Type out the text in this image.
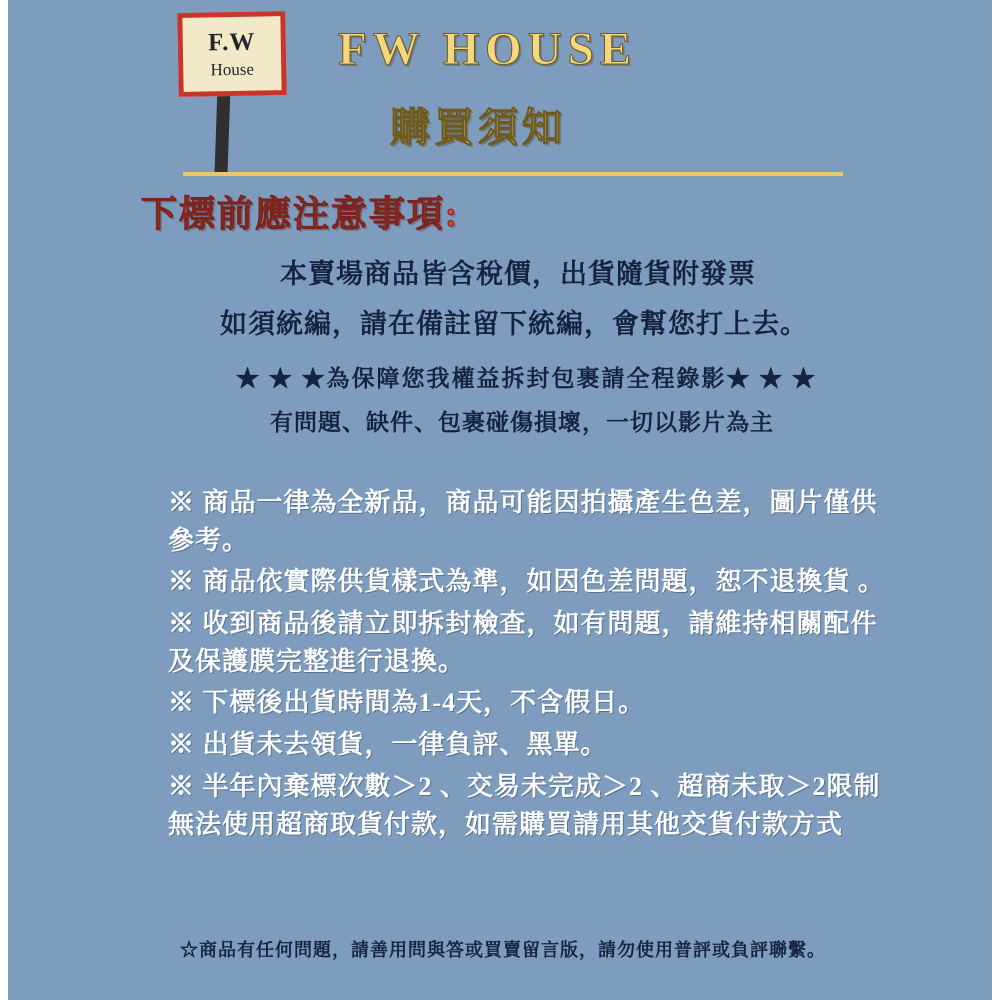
F.W
House FW HOUSE
購買須知
下標前應注意事項:
本賣場商品皆含稅價，出貨隨貨附發票
如須統編，請在備註留下統編，會幫您打上去。
★ ★ ★為保障您我權益拆封包裹請全程錄影★ ★ ★
有問題、缺件、包裹碰傷損壞，一切以影片為主
※ 商品一律為全新品，商品可能因拍攝產生色差，圖片僅供參考。
※ 商品依實際供貨樣式為準，如因色差問題，恕不退換貨 。
※ 收到商品後請立即拆封檢查，如有問題，請維持相關配件及保護膜完整進行退換。
※ 下標後出貨時間為1-4天，不含假日。
※ 出貨未去領貨，一律負評、黑單。
※ 半年內棄標次數＞2 、交易未完成＞2 、超商未取＞2限制無法使用超商取貨付款，如需購買請用其他交貨付款方式
☆商品有任何問題，請善用問與答或買賣留言版，請勿使用普評或負評聯繫。
